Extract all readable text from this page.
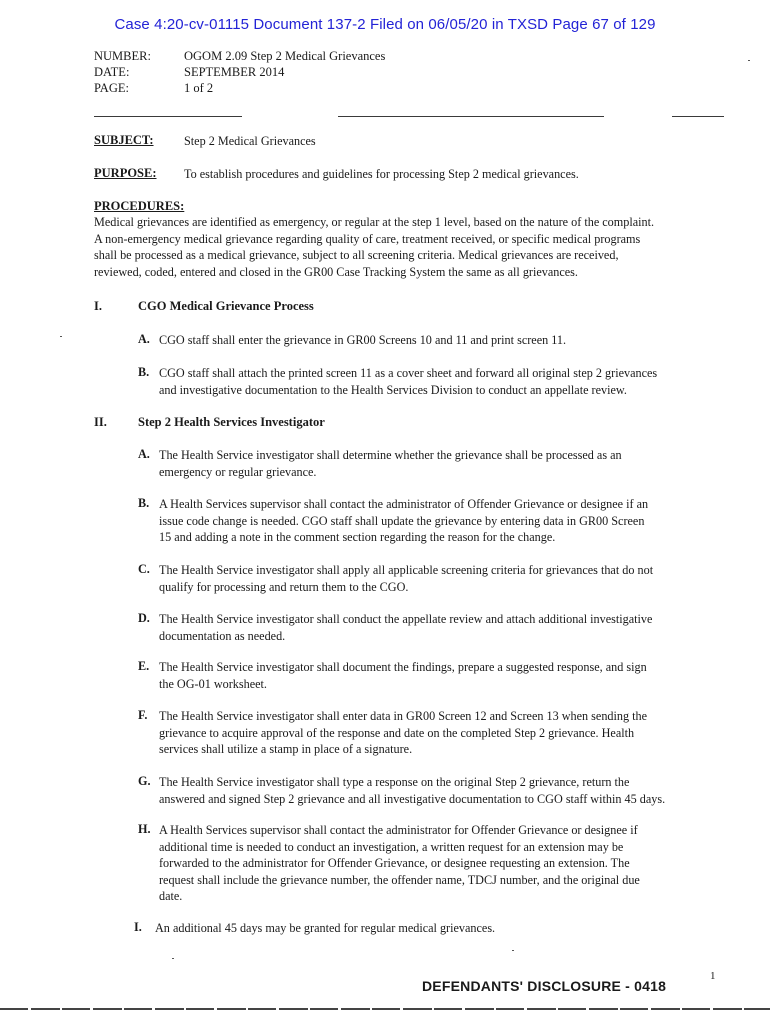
Case 4:20-cv-01115 Document 137-2 Filed on 06/05/20 in TXSD Page 67 of 129
NUMBER:	OGOM 2.09 Step 2 Medical Grievances
DATE:	SEPTEMBER 2014
PAGE:	1 of 2
SUBJECT: Step 2 Medical Grievances
PURPOSE: To establish procedures and guidelines for processing Step 2 medical grievances.
PROCEDURES:
Medical grievances are identified as emergency, or regular at the step 1 level, based on the nature of the complaint.
A non-emergency medical grievance regarding quality of care, treatment received, or specific medical programs
shall be processed as a medical grievance, subject to all screening criteria. Medical grievances are received,
reviewed, coded, entered and closed in the GR00 Case Tracking System the same as all grievances.
I.	CGO Medical Grievance Process
A. CGO staff shall enter the grievance in GR00 Screens 10 and 11 and print screen 11.
B. CGO staff shall attach the printed screen 11 as a cover sheet and forward all original step 2 grievances
and investigative documentation to the Health Services Division to conduct an appellate review.
II. Step 2 Health Services Investigator
A. The Health Service investigator shall determine whether the grievance shall be processed as an
emergency or regular grievance.
B. A Health Services supervisor shall contact the administrator of Offender Grievance or designee if an
issue code change is needed. CGO staff shall update the grievance by entering data in GR00 Screen
15 and adding a note in the comment section regarding the reason for the change.
C. The Health Service investigator shall apply all applicable screening criteria for grievances that do not
qualify for processing and return them to the CGO.
D. The Health Service investigator shall conduct the appellate review and attach additional investigative
documentation as needed.
E. The Health Service investigator shall document the findings, prepare a suggested response, and sign
the OG-01 worksheet.
F. The Health Service investigator shall enter data in GR00 Screen 12 and Screen 13 when sending the
grievance to acquire approval of the response and date on the completed Step 2 grievance. Health
services shall utilize a stamp in place of a signature.
G. The Health Service investigator shall type a response on the original Step 2 grievance, return the
answered and signed Step 2 grievance and all investigative documentation to CGO staff within 45 days.
H. A Health Services supervisor shall contact the administrator for Offender Grievance or designee if
additional time is needed to conduct an investigation, a written request for an extension may be
forwarded to the administrator for Offender Grievance, or designee requesting an extension. The
request shall include the grievance number, the offender name, TDCJ number, and the original due
date.
I. An additional 45 days may be granted for regular medical grievances.
DEFENDANTS' DISCLOSURE - 0418
1
